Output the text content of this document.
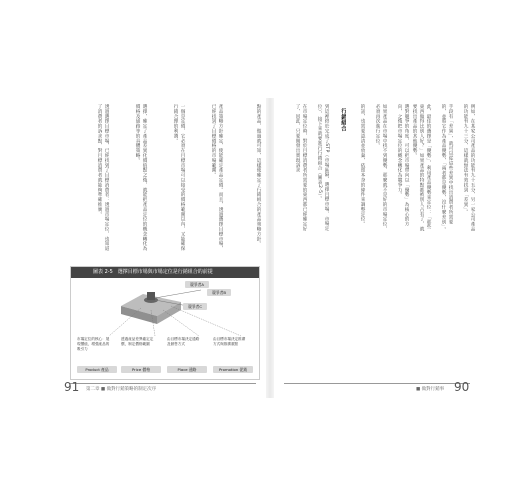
點的產品，做過就可知，這樣便確定了行銷組合的產品策略方針。
產品策略方針確定，使能確定產品定價。而且，透過選擇目標市場，已經找到了目標價格的市場範圍。
一個是定價，它必須在目標市場可以接受的價格範圍以內，又能確保行銷合理的利潤。
選擇，確定了產品差異化價值點之後，就能把產品定位的概念轉化為價格及通路等的具體策略。
透過選擇目標市場，已經找到了目標消費者：透過市場定位，也知道了消費者的訴求點，對目標消費者就能夠準確推廣。
圖表 2-5　選擇目標市場與市場定位是行銷組合的前提
競爭者A
競爭者B
競爭者C
市場定位的核心：展現價值，增強產品的吸引力
透過產品差異確定定價，制定價格範圍
由目標市場決定通路及銷售方式
由目標市場決定推廣方式與推廣重點
Product 產品	Price 價格	Place 通路	Promotion 促銷
91 第二章 ■ 做對行銷策略的制定次序
例如，在某家公司產品的功能有九十五分，另一家公司產品的功能有九十三分，這樣就無法有效找到「差異」。
手段有「差異」，就可以從這些差異中找出消費者所需要的，並將它作為產品優勢，「兩者都是優勢，沒什麼差別」。
此，最佳的選擇是「優勢」，利用產品優勢來定位：「那些東西做得比別人好？」如果產品的特點都被別人占有了，就要找出產品的其他優勢。
選對競爭的角度，可以把市場帶向以「優勢」為核心的方向，之後把市場定位的概念轉化為競爭力。
如果產品在市場中找不到優勢，那麼就不是好的市場定位，必須再次進行定位。
的話，也需要認清並放棄，依照本身的條件來調整定位。
行銷組合
到這裡終於完成了STP（市場區隔、選擇目標市場、市場定位），接下來就要進行行銷組合（圖表2-5）。
在市場定位時，對於目標消費者所需要的東西都已經確定好了，因此，只要開發出實現訴求
■ 做對行銷事 90
